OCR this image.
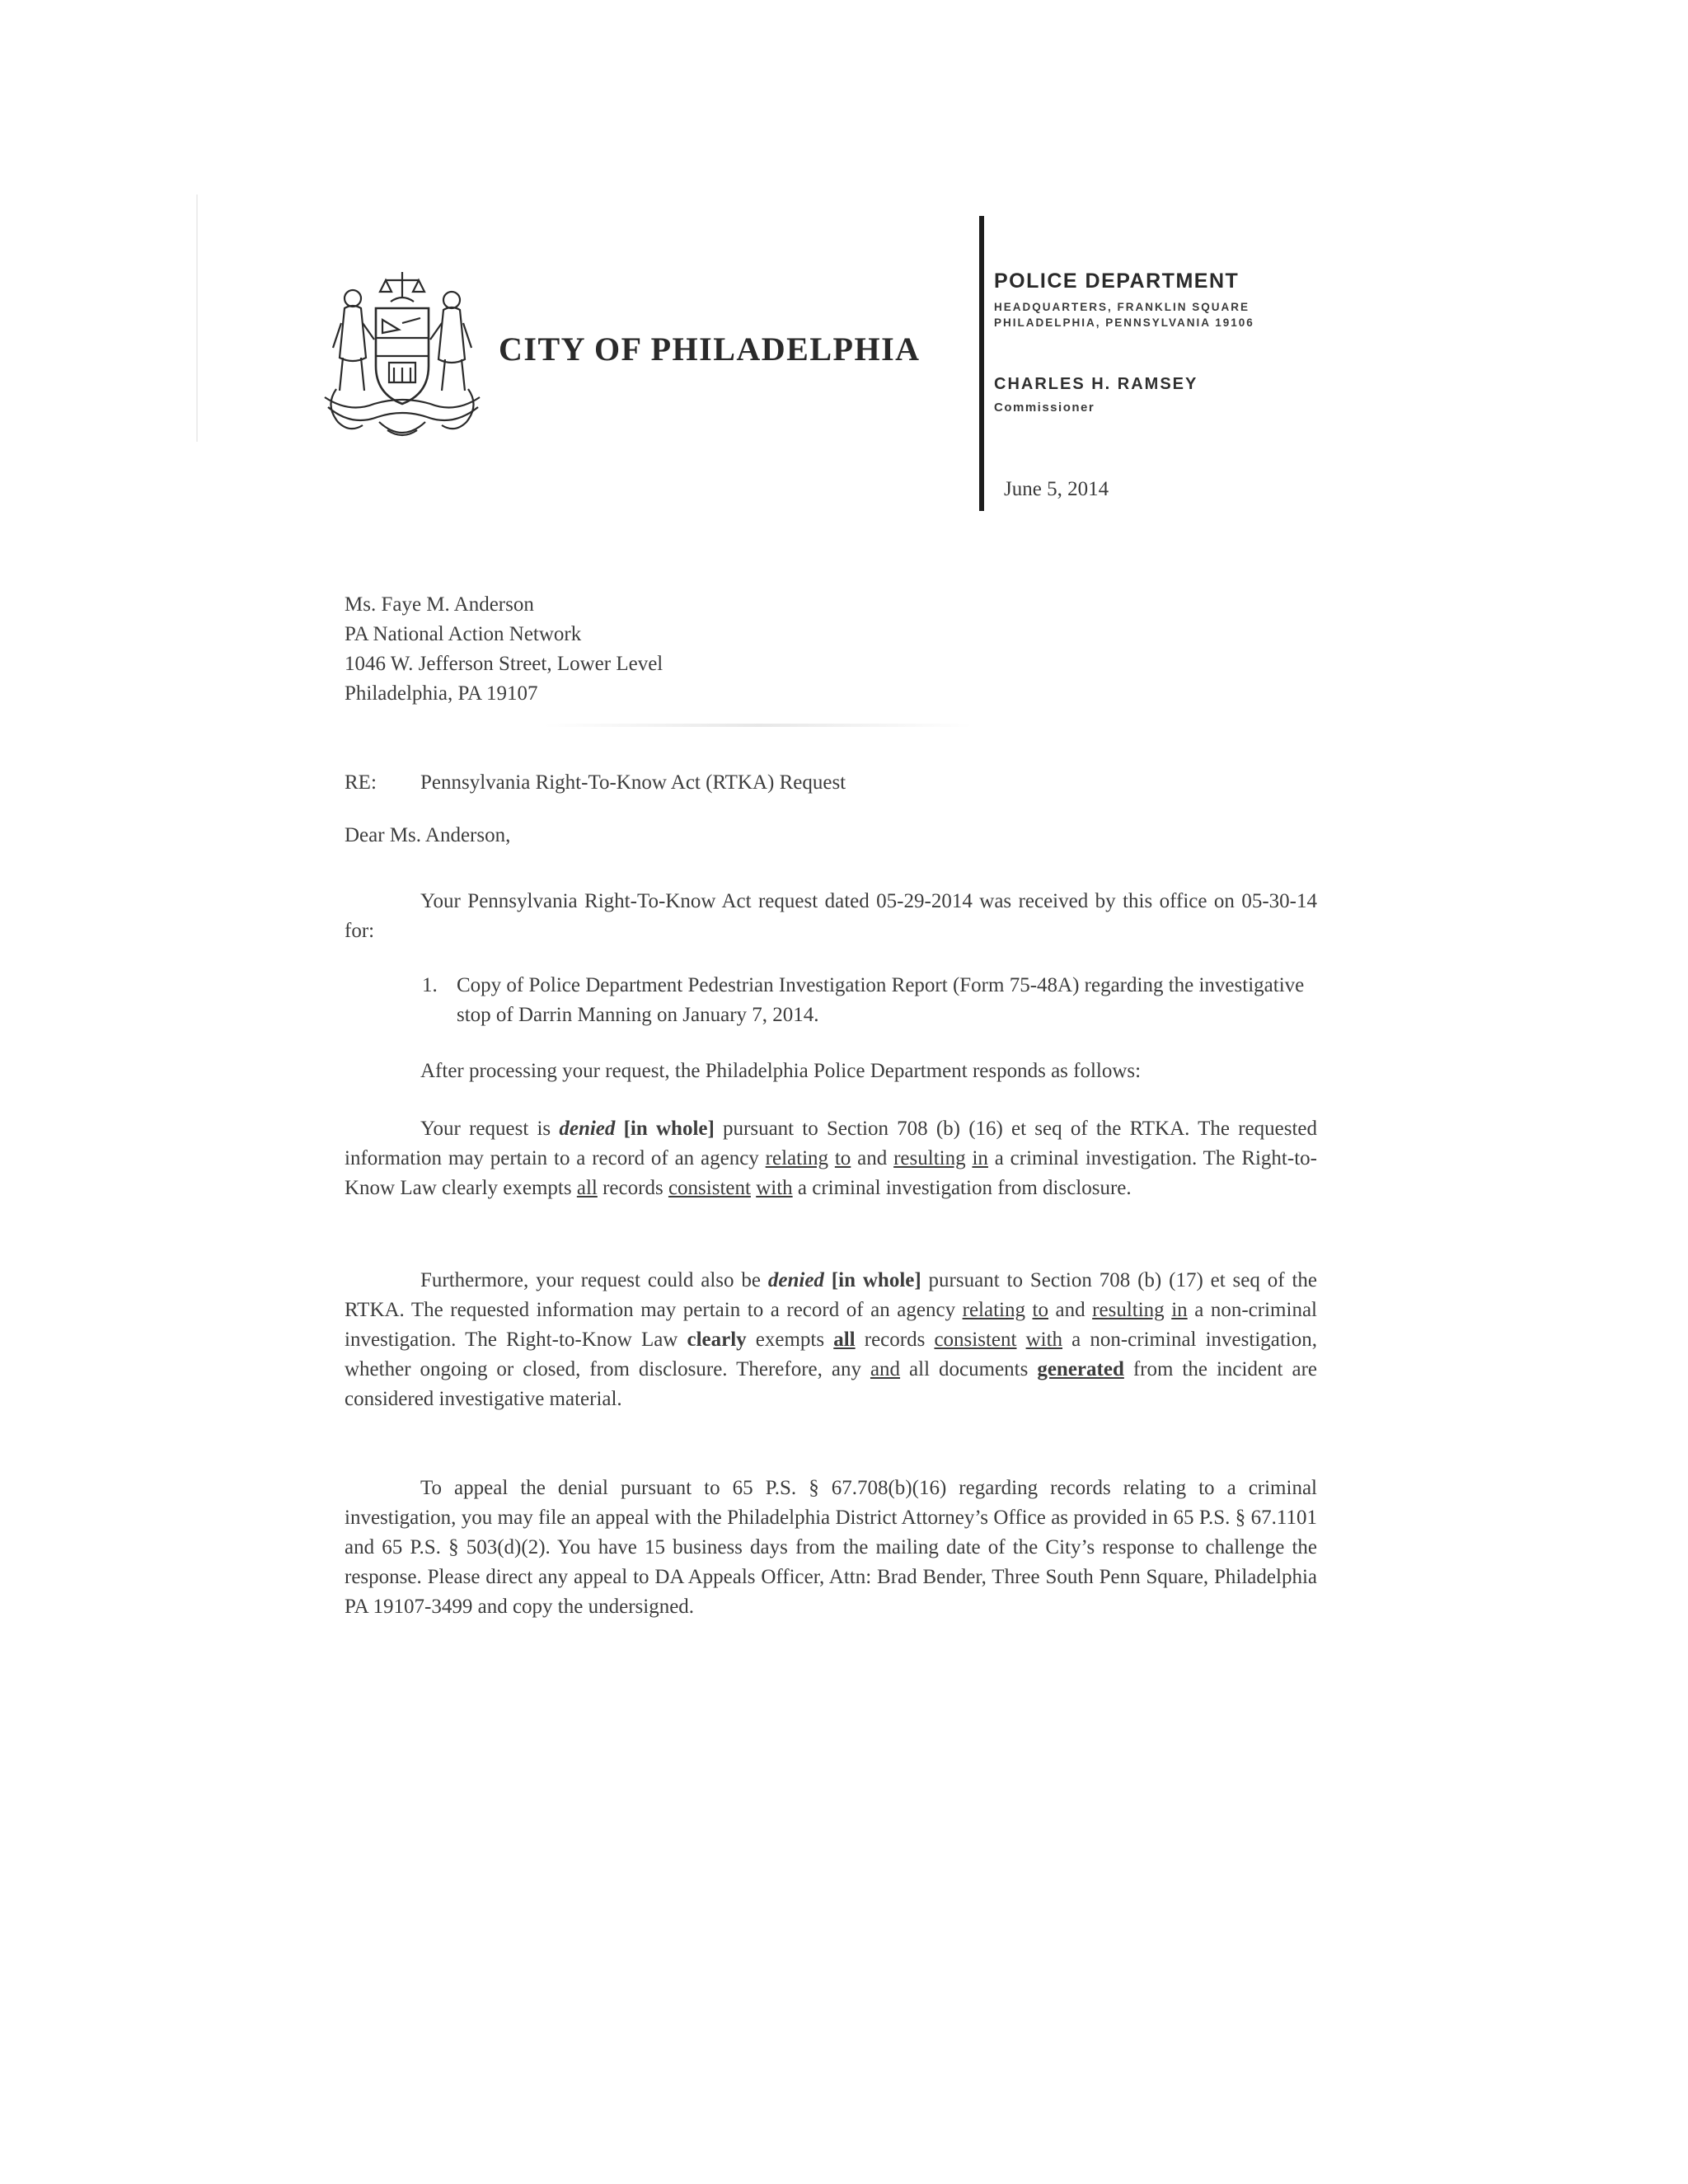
CITY OF PHILADELPHIA
POLICE DEPARTMENT
HEADQUARTERS, FRANKLIN SQUARE
PHILADELPHIA, PENNSYLVANIA 19106
CHARLES H. RAMSEY
Commissioner
June 5, 2014
Ms. Faye M. Anderson
PA National Action Network
1046 W. Jefferson Street, Lower Level
Philadelphia, PA 19107
RE: Pennsylvania Right-To-Know Act (RTKA) Request
Dear Ms. Anderson,
Your Pennsylvania Right-To-Know Act request dated 05-29-2014 was received by this office on 05-30-14 for:
1. Copy of Police Department Pedestrian Investigation Report (Form 75-48A) regarding the investigative stop of Darrin Manning on January 7, 2014.
After processing your request, the Philadelphia Police Department responds as follows:
Your request is denied [in whole] pursuant to Section 708 (b) (16) et seq of the RTKA. The requested information may pertain to a record of an agency relating to and resulting in a criminal investigation. The Right-to-Know Law clearly exempts all records consistent with a criminal investigation from disclosure.
Furthermore, your request could also be denied [in whole] pursuant to Section 708 (b) (17) et seq of the RTKA. The requested information may pertain to a record of an agency relating to and resulting in a non-criminal investigation. The Right-to-Know Law clearly exempts all records consistent with a non-criminal investigation, whether ongoing or closed, from disclosure. Therefore, any and all documents generated from the incident are considered investigative material.
To appeal the denial pursuant to 65 P.S. § 67.708(b)(16) regarding records relating to a criminal investigation, you may file an appeal with the Philadelphia District Attorney’s Office as provided in 65 P.S. § 67.1101 and 65 P.S. § 503(d)(2). You have 15 business days from the mailing date of the City’s response to challenge the response. Please direct any appeal to DA Appeals Officer, Attn: Brad Bender, Three South Penn Square, Philadelphia PA 19107-3499 and copy the undersigned.
